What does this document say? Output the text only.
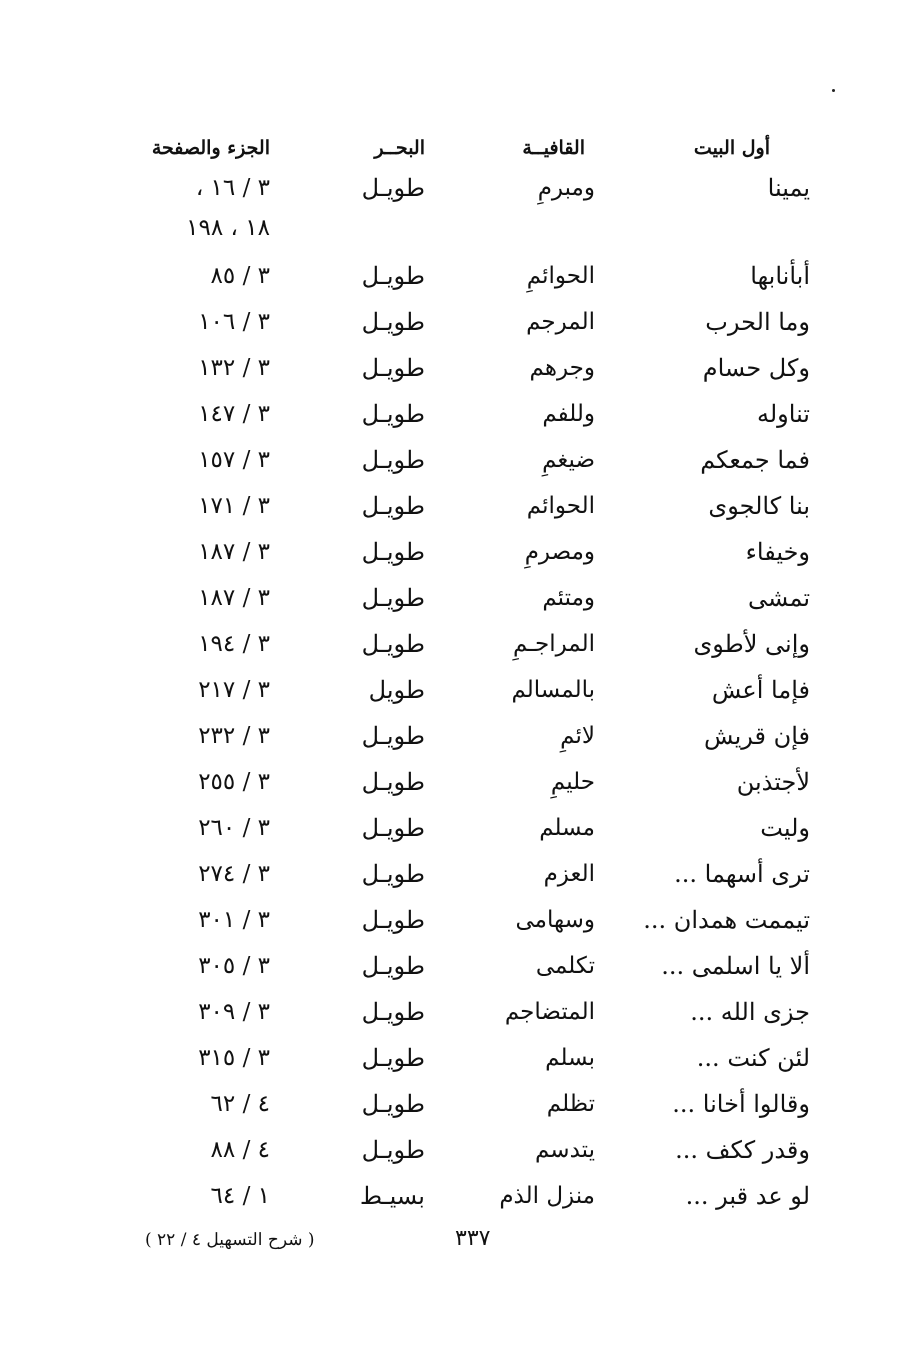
أول البيت
القافيــة
البحــر
الجزء والصفحة
يمينا
ومبرمِ
طويـل
٣ / ١٦ ،
١٨ ، ١٩٨
أبأنابها
الحوائمِ
طويـل
٣ / ٨٥
وما الحرب
المرجم
طويـل
٣ / ١٠٦
وكل حسام
وجرهم
طويـل
٣ / ١٣٢
تناوله
وللفم
طويـل
٣ / ١٤٧
فما جمعكم
ضيغمِ
طويـل
٣ / ١٥٧
بنا كالجوى
الحوائم
طويـل
٣ / ١٧١
وخيفاء
ومصرمِ
طويـل
٣ / ١٨٧
تمشى
ومتئم
طويـل
٣ / ١٨٧
وإنى لأطوى
المراجـمِ
طويـل
٣ / ١٩٤
فإما أعش
بالمسالم
طويل
٣ / ٢١٧
فإن قريش
لائمِ
طويـل
٣ / ٢٣٢
لأجتذبن
حليمِ
طويـل
٣ / ٢٥٥
وليت
مسلم
طويـل
٣ / ٢٦٠
ترى أسهما ...
العزم
طويـل
٣ / ٢٧٤
تيممت همدان ...
وسهامى
طويـل
٣ / ٣٠١
ألا يا اسلمى ...
تكلمى
طويـل
٣ / ٣٠٥
جزى الله ...
المتضاجم
طويـل
٣ / ٣٠٩
لئن كنت ...
بسلم
طويـل
٣ / ٣١٥
وقالوا أخانا ...
تظلم
طويـل
٤ / ٦٢
وقدر ككف ...
يتدسم
طويـل
٤ / ٨٨
لو عد قبر ...
منزل الذم
بسيـط
١ / ٦٤
٣٣٧
( شرح التسهيل ٤ / ٢٢ )
